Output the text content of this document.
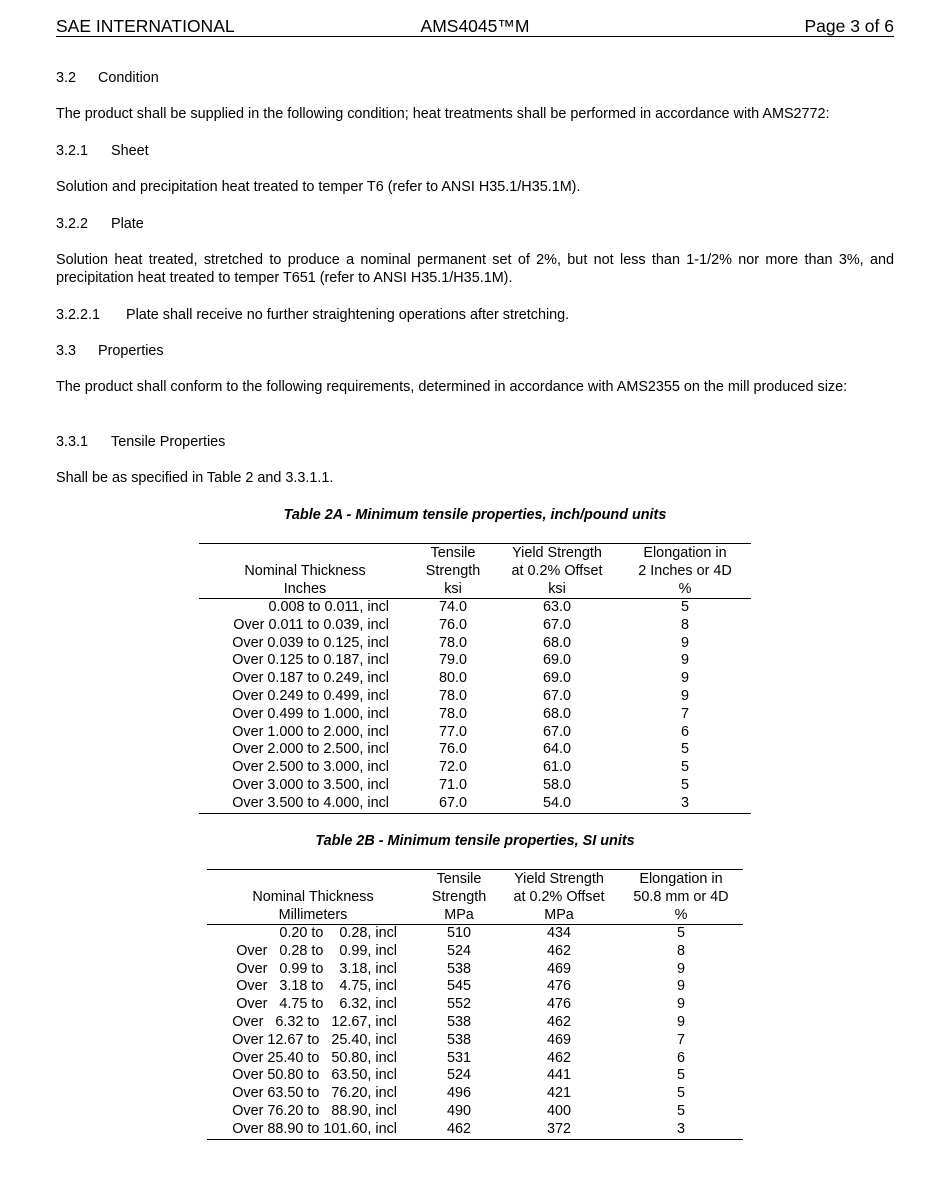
SAE INTERNATIONAL	AMS4045™M	Page 3 of 6
3.2 Condition

The product shall be supplied in the following condition; heat treatments shall be performed in accordance with AMS2772:

3.2.1 Sheet

Solution and precipitation heat treated to temper T6 (refer to ANSI H35.1/H35.1M).

3.2.2 Plate

Solution heat treated, stretched to produce a nominal permanent set of 2%, but not less than 1-1/2% nor more than 3%, and precipitation heat treated to temper T651 (refer to ANSI H35.1/H35.1M).

3.2.2.1 Plate shall receive no further straightening operations after stretching.
3.3 Properties

The product shall conform to the following requirements, determined in accordance with AMS2355 on the mill produced size:

3.3.1 Tensile Properties

Shall be as specified in Table 2 and 3.3.1.1.

Table 2A - Minimum tensile properties, inch/pound units
	Tensile	Yield Strength	Elongation in
Nominal Thickness	Strength	at 0.2% Offset	2 Inches or 4D
Inches	ksi	ksi	%
0.008 to 0.011, incl	74.0	63.0	5
Over 0.011 to 0.039, incl	76.0	67.0	8
Over 0.039 to 0.125, incl	78.0	68.0	9
Over 0.125 to 0.187, incl	79.0	69.0	9
Over 0.187 to 0.249, incl	80.0	69.0	9
Over 0.249 to 0.499, incl	78.0	67.0	9
Over 0.499 to 1.000, incl	78.0	68.0	7
Over 1.000 to 2.000, incl	77.0	67.0	6
Over 2.000 to 2.500, incl	76.0	64.0	5
Over 2.500 to 3.000, incl	72.0	61.0	5
Over 3.000 to 3.500, incl	71.0	58.0	5
Over 3.500 to 4.000, incl	67.0	54.0	3
Table 2B - Minimum tensile properties, SI units
	Tensile	Yield Strength	Elongation in
Nominal Thickness	Strength	at 0.2% Offset	50.8 mm or 4D
Millimeters	MPa	MPa	%
0.20 to    0.28, incl	510	434	5
Over   0.28 to    0.99, incl	524	462	8
Over   0.99 to    3.18, incl	538	469	9
Over   3.18 to    4.75, incl	545	476	9
Over   4.75 to    6.32, incl	552	476	9
Over   6.32 to   12.67, incl	538	462	9
Over 12.67 to   25.40, incl	538	469	7
Over 25.40 to   50.80, incl	531	462	6
Over 50.80 to   63.50, incl	524	441	5
Over 63.50 to   76.20, incl	496	421	5
Over 76.20 to   88.90, incl	490	400	5
Over 88.90 to 101.60, incl	462	372	3
